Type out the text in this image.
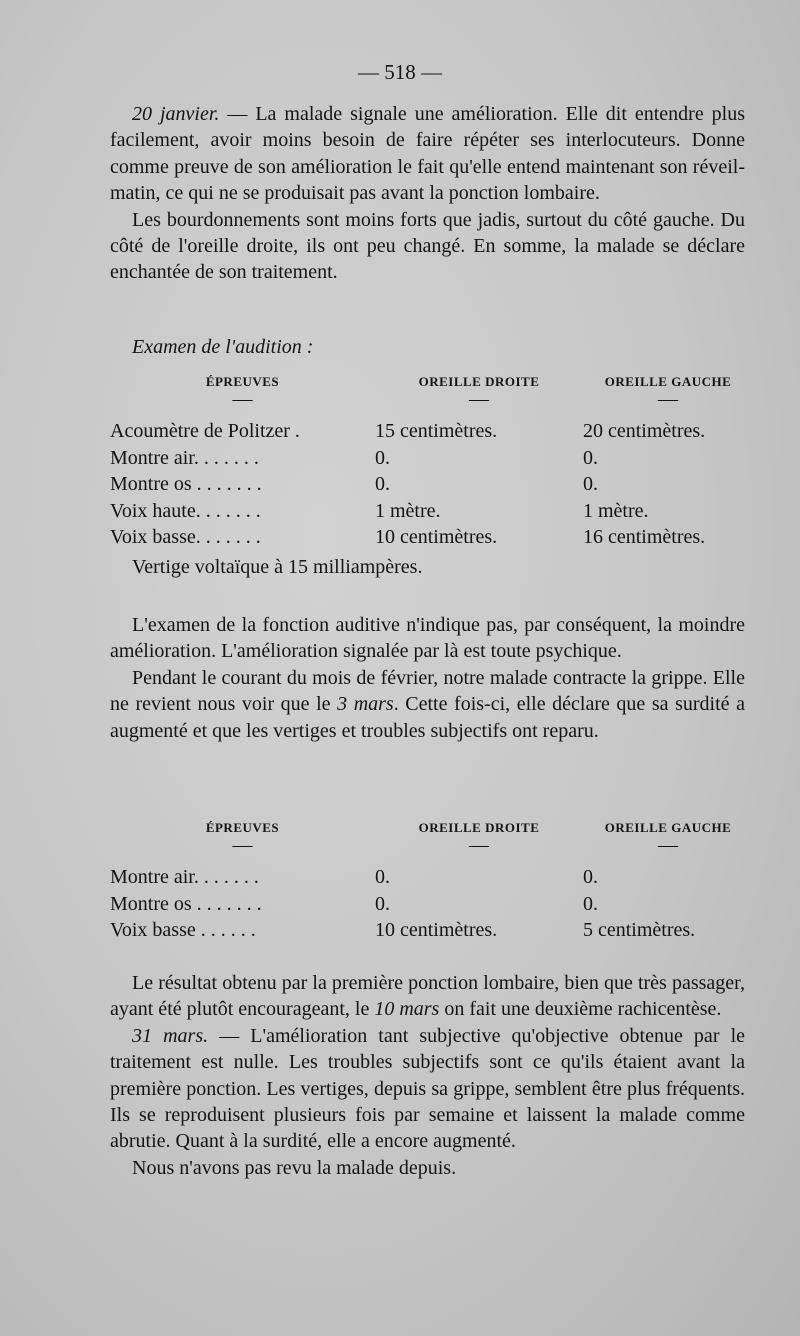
— 518 —

20 janvier. — La malade signale une amélioration. Elle dit entendre plus facilement, avoir moins besoin de faire répéter ses interlocuteurs. Donne comme preuve de son amélioration le fait qu'elle entend maintenant son réveil-matin, ce qui ne se produisait pas avant la ponction lombaire.

Les bourdonnements sont moins forts que jadis, surtout du côté gauche. Du côté de l'oreille droite, ils ont peu changé. En somme, la malade se déclare enchantée de son traitement.

Examen de l'audition :
ÉPREUVES	OREILLE DROITE	OREILLE GAUCHE
—	—	—
Acoumètre de Politzer .	15 centimètres.	20 centimètres.
Montre air. . . . . . .	0.	0.
Montre os . . . . . . .	0.	0.
Voix haute. . . . . . .	1 mètre.	1 mètre.
Voix basse. . . . . . .	10 centimètres.	16 centimètres.
Vertige voltaïque à 15 milliampères.

L'examen de la fonction auditive n'indique pas, par conséquent, la moindre amélioration. L'amélioration signalée par là est toute psychique.

Pendant le courant du mois de février, notre malade contracte la grippe. Elle ne revient nous voir que le 3 mars. Cette fois-ci, elle déclare que sa surdité a augmenté et que les vertiges et troubles subjectifs ont reparu.

ÉPREUVES	OREILLE DROITE	OREILLE GAUCHE
—	—	—
Montre air. . . . . . .	0.	0.
Montre os . . . . . . .	0.	0.
Voix basse . . . . . .	10 centimètres.	5 centimètres.

Le résultat obtenu par la première ponction lombaire, bien que très passager, ayant été plutôt encourageant, le 10 mars on fait une deuxième rachicentèse.

31 mars. — L'amélioration tant subjective qu'objective obtenue par le traitement est nulle. Les troubles subjectifs sont ce qu'ils étaient avant la première ponction. Les vertiges, depuis sa grippe, semblent être plus fréquents. Ils se reproduisent plusieurs fois par semaine et laissent la malade comme abrutie. Quant à la surdité, elle a encore augmenté.

Nous n'avons pas revu la malade depuis.
